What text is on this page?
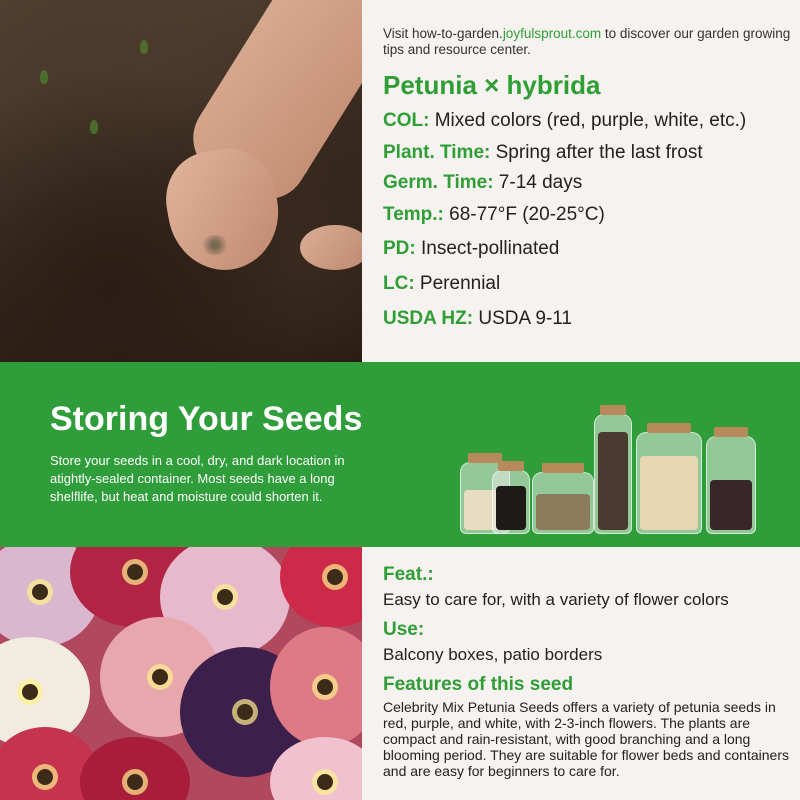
Visit how-to-garden.joyfulsprout.com to discover our garden growing tips and resource center.

Petunia × hybrida
COL: Mixed colors (red, purple, white, etc.)
Plant. Time: Spring after the last frost
Germ. Time: 7-14 days
Temp.: 68-77°F (20-25°C)
PD: Insect-pollinated
LC: Perennial
USDA HZ: USDA 9-11
Storing Your Seeds

Store your seeds in a cool, dry, and dark location in atightly-sealed container. Most seeds have a long shelflife, but heat and moisture could shorten it.

Feat.:

Easy to care for, with a variety of flower colors

Use:

Balcony boxes, patio borders

Features of this seed

Celebrity Mix Petunia Seeds offers a variety of petunia seeds in red, purple, and white, with 2-3-inch flowers. The plants are compact and rain-resistant, with good branching and a long blooming period. They are suitable for flower beds and containers and are easy for beginners to care for.
